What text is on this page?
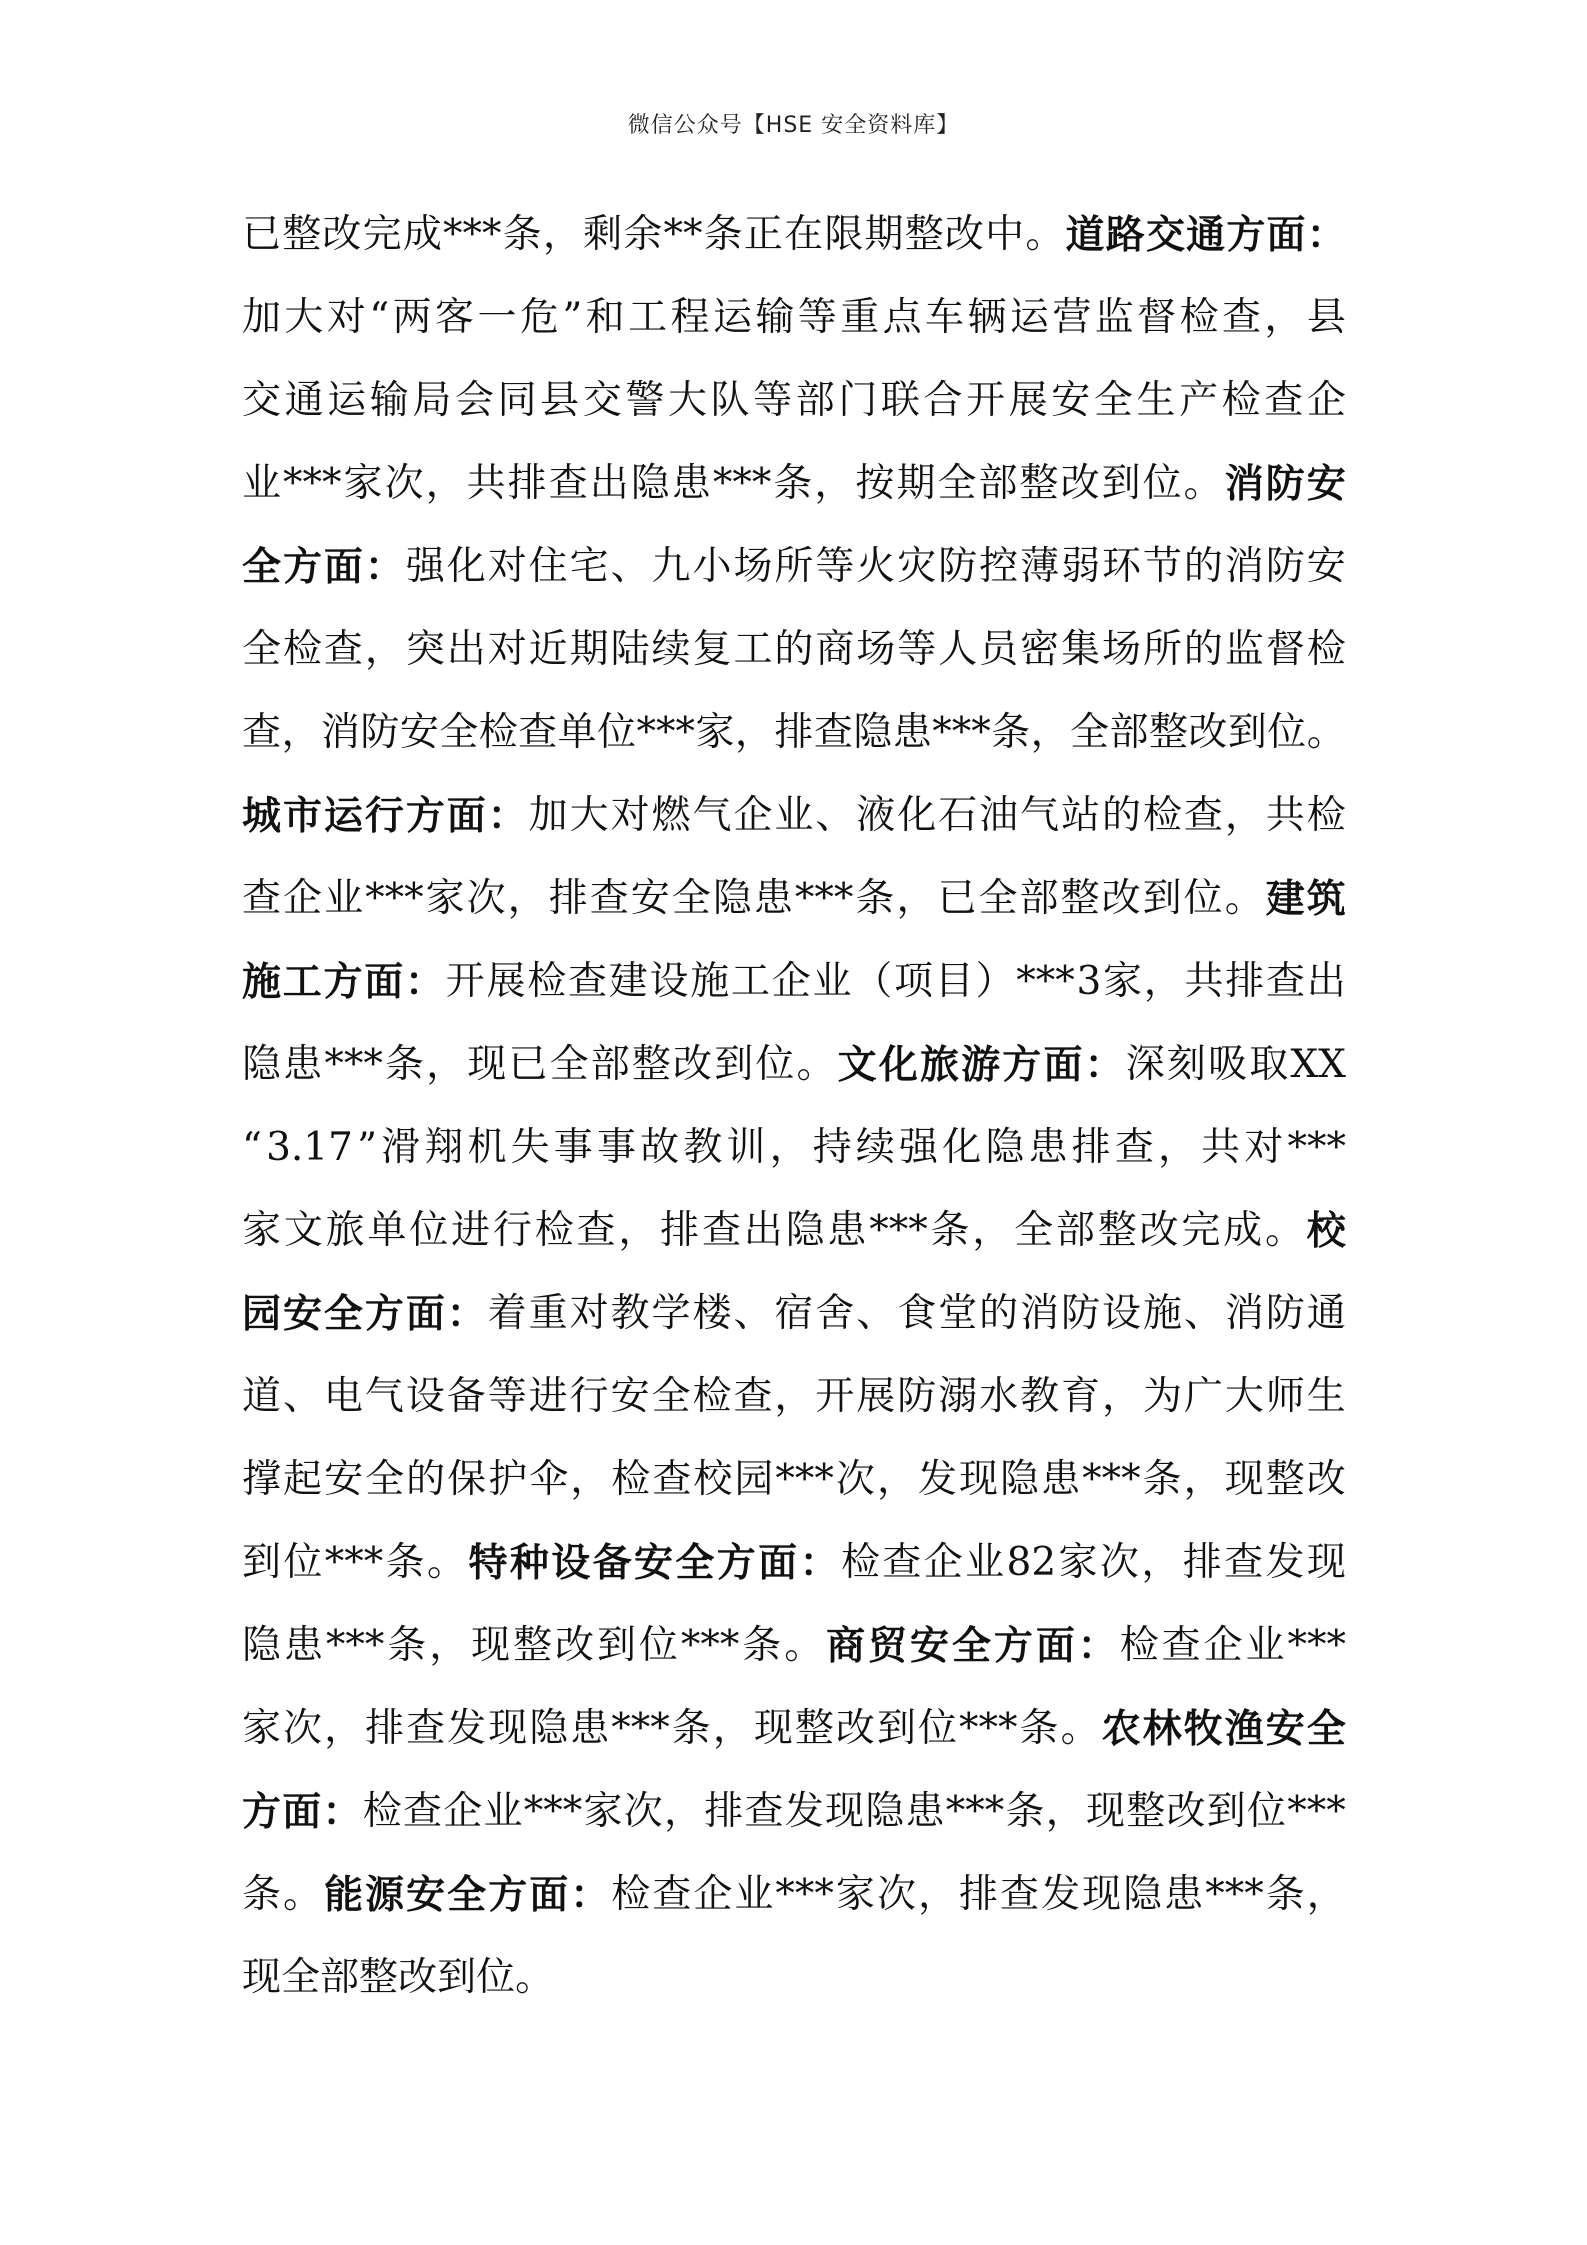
微信公众号【HSE 安全资料库】
已 整 改 完 成 *** 条 ， 剩 余 ** 条 正 在 限 期 整 改 中 。 道 路 交 通 方 面 ：
加 大 对 “ 两 客 一 危 ” 和 工 程 运 输 等 重 点 车 辆 运 营 监 督 检 查 ， 县
交 通 运 输 局 会 同 县 交 警 大 队 等 部 门 联 合 开 展 安 全 生 产 检 查 企
业 *** 家 次 ， 共 排 查 出 隐 患 *** 条 ， 按 期 全 部 整 改 到 位 。 消 防 安
全 方 面 ： 强 化 对 住 宅 、 九 小 场 所 等 火 灾 防 控 薄 弱 环 节 的 消 防 安
全 检 查 ， 突 出 对 近 期 陆 续 复 工 的 商 场 等 人 员 密 集 场 所 的 监 督 检
查 ， 消 防 安 全 检 查 单 位 *** 家 ， 排 查 隐 患 *** 条 ， 全 部 整 改 到 位 。
城 市 运 行 方 面 ： 加 大 对 燃 气 企 业 、 液 化 石 油 气 站 的 检 查 ， 共 检
查 企 业 *** 家 次 ， 排 查 安 全 隐 患 *** 条 ， 已 全 部 整 改 到 位 。 建 筑
施 工 方 面 ： 开 展 检 查 建 设 施 工 企 业 （ 项 目 ） *** 3 家 ， 共 排 查 出
隐 患 *** 条 ， 现 已 全 部 整 改 到 位 。 文 化 旅 游 方 面 ： 深 刻 吸 取 XX
“ 3.17 ” 滑 翔 机 失 事 事 故 教 训 ， 持 续 强 化 隐 患 排 查 ， 共 对 ***
家 文 旅 单 位 进 行 检 查 ， 排 查 出 隐 患 *** 条 ， 全 部 整 改 完 成 。 校
园 安 全 方 面 ： 着 重 对 教 学 楼 、 宿 舍 、 食 堂 的 消 防 设 施 、 消 防 通
道 、 电 气 设 备 等 进 行 安 全 检 查 ， 开 展 防 溺 水 教 育 ， 为 广 大 师 生
撑 起 安 全 的 保 护 伞 ， 检 查 校 园 *** 次 ， 发 现 隐 患 *** 条 ， 现 整 改
到 位 *** 条 。 特 种 设 备 安 全 方 面 ： 检 查 企 业 82 家 次 ， 排 查 发 现
隐 患 *** 条 ， 现 整 改 到 位 *** 条 。 商 贸 安 全 方 面 ： 检 查 企 业 ***
家 次 ， 排 查 发 现 隐 患 *** 条 ， 现 整 改 到 位 *** 条 。 农 林 牧 渔 安 全
方 面 ： 检 查 企 业 *** 家 次 ， 排 查 发 现 隐 患 *** 条 ， 现 整 改 到 位 ***
条 。 能 源 安 全 方 面 ： 检 查 企 业 *** 家 次 ， 排 查 发 现 隐 患 *** 条 ，
现 全 部 整 改 到 位 。
